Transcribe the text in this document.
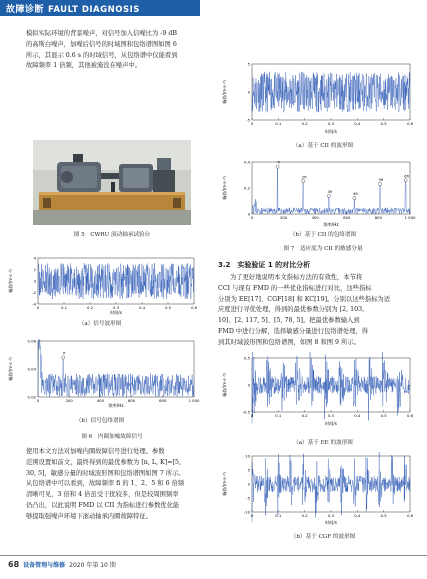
故障诊断 FAULT DIAGNOSIS
模拟实际环境的背景噪声，对信号加入信噪比为 -9 dB
的高斯白噪声，加噪后信号的时域图和包络谱图如图 6
所示，其显示 0.6 s 的时域信号，从包络谱中仅能看到
故障频率 1 倍频，其他被淹没在噪声中。
图 5　CWRU 滚动轴承试验台
0	0.1	0.2	0.3	0.4	0.5	0.6
4
2
0
-2
-4
幅值/(m·s⁻²)
时间/s
（a）信号波形图
0	200	400	600	800	1 000
0.06
0.04
0.02
fi
幅值/(m·s⁻²)
频率/Hz
（b）信号包络谱图
图 6　内圈加噪故障信号
使用本文方法对加噪内圈故障信号进行处理。参数
范围设置如前文，最终得到的最优参数为 [n, L, K]=[5,
30, 5]，敏感分量的时域波形图和包络谱图如图 7 所示。
从包络谱中可以看到，故障频率 fi 的 1、2、5 和 6 倍频
清晰可见，3 倍和 4 倍虽受干扰较多，但是较周围频率
仍凸出，以此说明 FMD 以 CII 为指标进行参数优化能
够提取强噪声环境下滚动轴承内圈故障特征。
0	0.1	0.2	0.3	0.4	0.5	0.6
5
0
-5
幅值/(m·s⁻²)
时间/s
（a）基于 CII 的波形图
0	200	400	600	800	1 000
0.4
0.2
0
fi
2fi
3fi
4fi
5fi
6fi
幅值/(m·s⁻²)
频率/Hz
（b）基于 CII 的包络谱图
图 7　适应度为 CII 的敏感分量
3.2　实验验证 1 的对比分析
为了更好地说明本文指标方法的有效性，本节将
CCI 与现有 FMD 的一些优化指标进行对比，这些指标
分别为 EE[17]、CGF[18] 和 KC[19]。分别以这些指标为适
应度进行寻优处理，得到的最优参数分别为 [2, 103,
10]、[2, 117, 5]、[5, 78, 5]。把最优参数输入到
FMD 中进行分解，选择敏感分量进行包络谱处理，得
到其时域波形图和包络谱图，如图 8 和图 9 所示。
0	0.1	0.2	0.3	0.4	0.5	0.6
0.5
0
-0.5
幅值/(m·s⁻²)
时间/s
（a）基于 EE 的波形图
0	0.1	0.2	0.3	0.4	0.5	0.6
10
5
0
-5
-10
幅值/(m·s⁻²)
时间/s
（b）基于 CGF 的波形图
68 设备管理与维修 2020 年第 10 期
